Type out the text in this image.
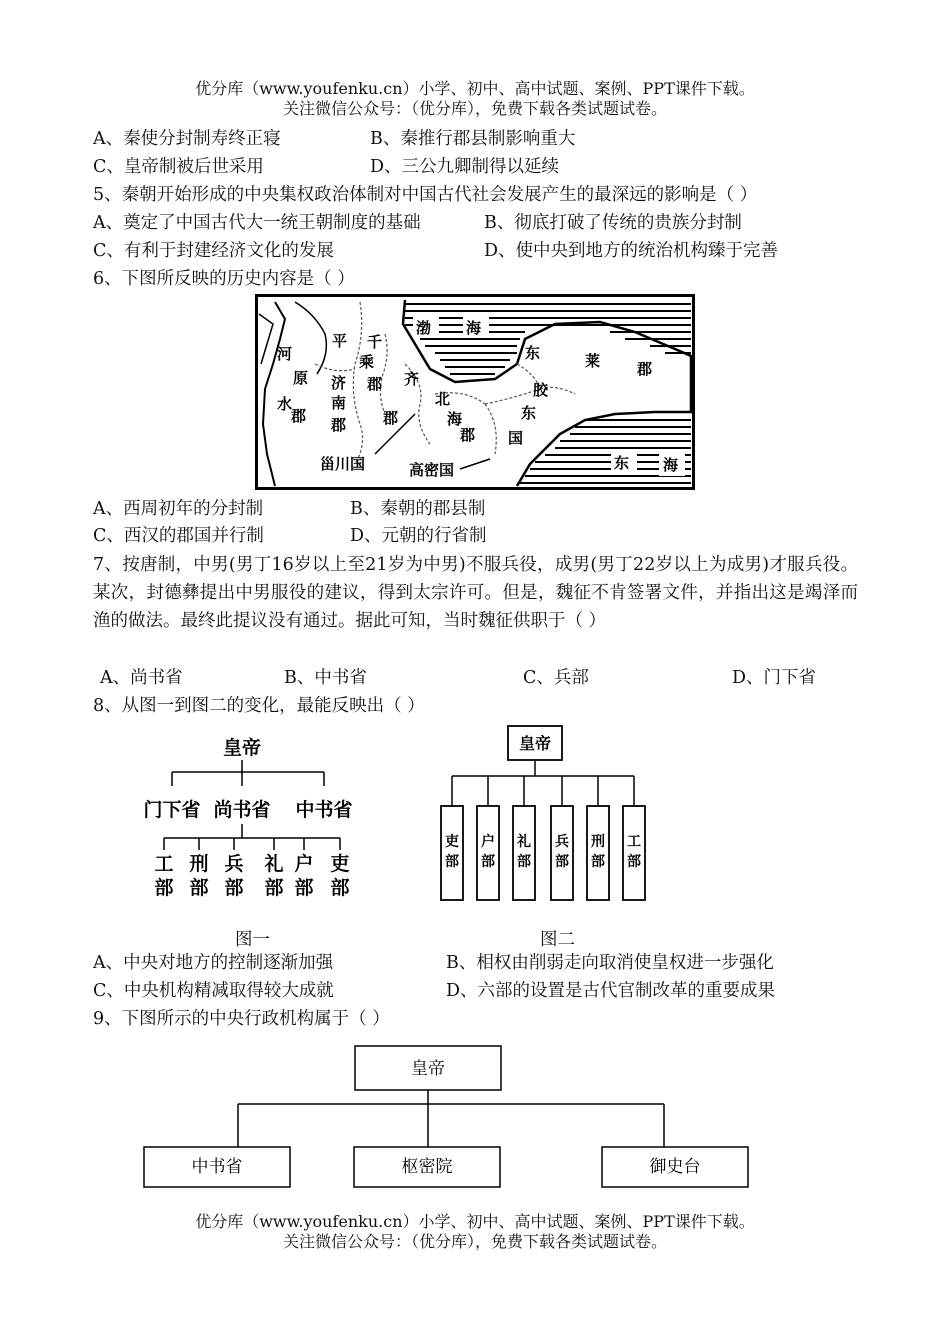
优分库（www.youfenku.cn）小学、初中、高中试题、案例、PPT课件下载。
关注微信公众号：（优分库），免费下载各类试题试卷。
A、秦使分封制寿终正寝	B、秦推行郡县制影响重大
C、皇帝制被后世采用	D、三公九卿制得以延续
5、秦朝开始形成的中央集权政治体制对中国古代社会发展产生的最深远的影响是（ ）
A、奠定了中国古代大一统王朝制度的基础	B、彻底打破了传统的贵族分封制
C、有利于封建经济文化的发展	D、使中央到地方的统治机构臻于完善
6、下图所反映的历史内容是（ ）
渤 海
河
原
水
郡
平 千
乘
郡
济
南
郡
齐
郡
北
海
郡
东	莱 郡
胶
东
国
甾川国	高密国	东 海
A、西周初年的分封制	B、秦朝的郡县制
C、西汉的郡国并行制	D、元朝的行省制
7、按唐制，中男(男丁16岁以上至21岁为中男)不服兵役，成男(男丁22岁以上为成男)才服兵役。某次，封德彝提出中男服役的建议，得到太宗许可。但是，魏征不肯签署文件，并指出这是竭泽而渔的做法。最终此提议没有通过。据此可知，当时魏征供职于（ ）
A、尚书省	B、中书省	C、兵部	D、门下省
8、从图一到图二的变化，最能反映出（ ）
皇帝
门下省 尚书省 中书省
工部
刑部
兵部
礼部
户部
吏部
图一
皇帝
吏部
户部
礼部
兵部
刑部
工部
图二
A、中央对地方的控制逐渐加强	B、相权由削弱走向取消使皇权进一步强化
C、中央机构精减取得较大成就	D、六部的设置是古代官制改革的重要成果
9、下图所示的中央行政机构属于（ ）
皇帝
中书省	枢密院	御史台
优分库（www.youfenku.cn）小学、初中、高中试题、案例、PPT课件下载。
关注微信公众号：（优分库），免费下载各类试题试卷。
